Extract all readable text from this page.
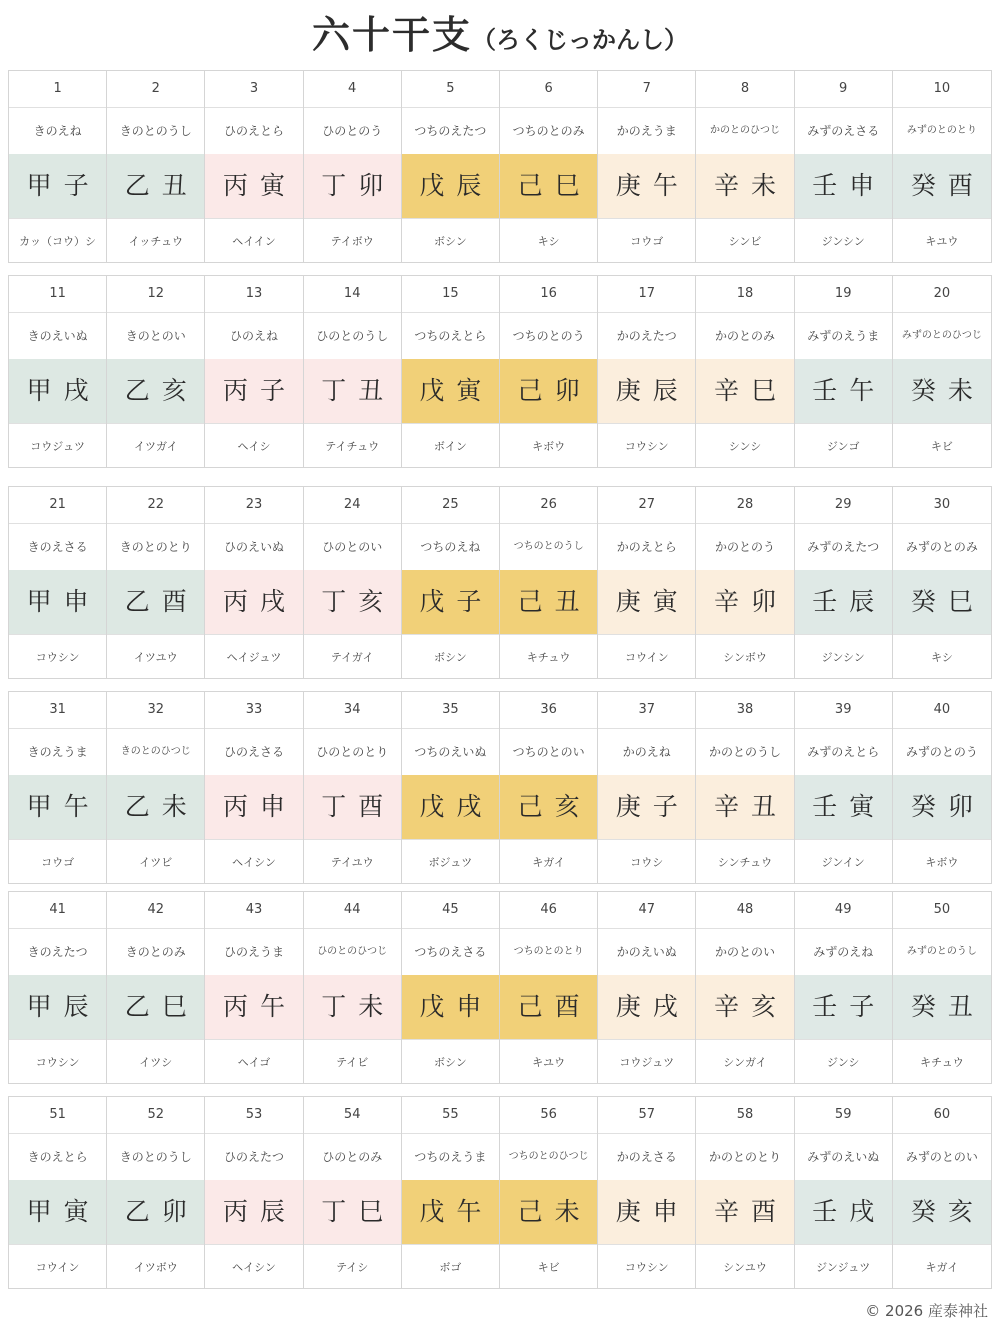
六十干支（ろくじっかんし）
1
きのえね
甲子
カッ（コウ）シ
2
きのとのうし
乙丑
イッチュウ
3
ひのえとら
丙寅
ヘイイン
4
ひのとのう
丁卯
テイボウ
5
つちのえたつ
戊辰
ボシン
6
つちのとのみ
己巳
キシ
7
かのえうま
庚午
コウゴ
8
かのとのひつじ
辛未
シンビ
9
みずのえさる
壬申
ジンシン
10
みずのとのとり
癸酉
キユウ
11
きのえいぬ
甲戌
コウジュツ
12
きのとのい
乙亥
イツガイ
13
ひのえね
丙子
ヘイシ
14
ひのとのうし
丁丑
テイチュウ
15
つちのえとら
戊寅
ボイン
16
つちのとのう
己卯
キボウ
17
かのえたつ
庚辰
コウシン
18
かのとのみ
辛巳
シンシ
19
みずのえうま
壬午
ジンゴ
20
みずのとのひつじ
癸未
キビ
21
きのえさる
甲申
コウシン
22
きのとのとり
乙酉
イツユウ
23
ひのえいぬ
丙戌
ヘイジュツ
24
ひのとのい
丁亥
テイガイ
25
つちのえね
戊子
ボシン
26
つちのとのうし
己丑
キチュウ
27
かのえとら
庚寅
コウイン
28
かのとのう
辛卯
シンボウ
29
みずのえたつ
壬辰
ジンシン
30
みずのとのみ
癸巳
キシ
31
きのえうま
甲午
コウゴ
32
きのとのひつじ
乙未
イツビ
33
ひのえさる
丙申
ヘイシン
34
ひのとのとり
丁酉
テイユウ
35
つちのえいぬ
戊戌
ボジュツ
36
つちのとのい
己亥
キガイ
37
かのえね
庚子
コウシ
38
かのとのうし
辛丑
シンチュウ
39
みずのえとら
壬寅
ジンイン
40
みずのとのう
癸卯
キボウ
41
きのえたつ
甲辰
コウシン
42
きのとのみ
乙巳
イツシ
43
ひのえうま
丙午
ヘイゴ
44
ひのとのひつじ
丁未
テイビ
45
つちのえさる
戊申
ボシン
46
つちのとのとり
己酉
キユウ
47
かのえいぬ
庚戌
コウジュツ
48
かのとのい
辛亥
シンガイ
49
みずのえね
壬子
ジンシ
50
みずのとのうし
癸丑
キチュウ
51
きのえとら
甲寅
コウイン
52
きのとのうし
乙卯
イツボウ
53
ひのえたつ
丙辰
ヘイシン
54
ひのとのみ
丁巳
テイシ
55
つちのえうま
戊午
ボゴ
56
つちのとのひつじ
己未
キビ
57
かのえさる
庚申
コウシン
58
かのとのとり
辛酉
シンユウ
59
みずのえいぬ
壬戌
ジンジュツ
60
みずのとのい
癸亥
キガイ
© 2026 産泰神社
